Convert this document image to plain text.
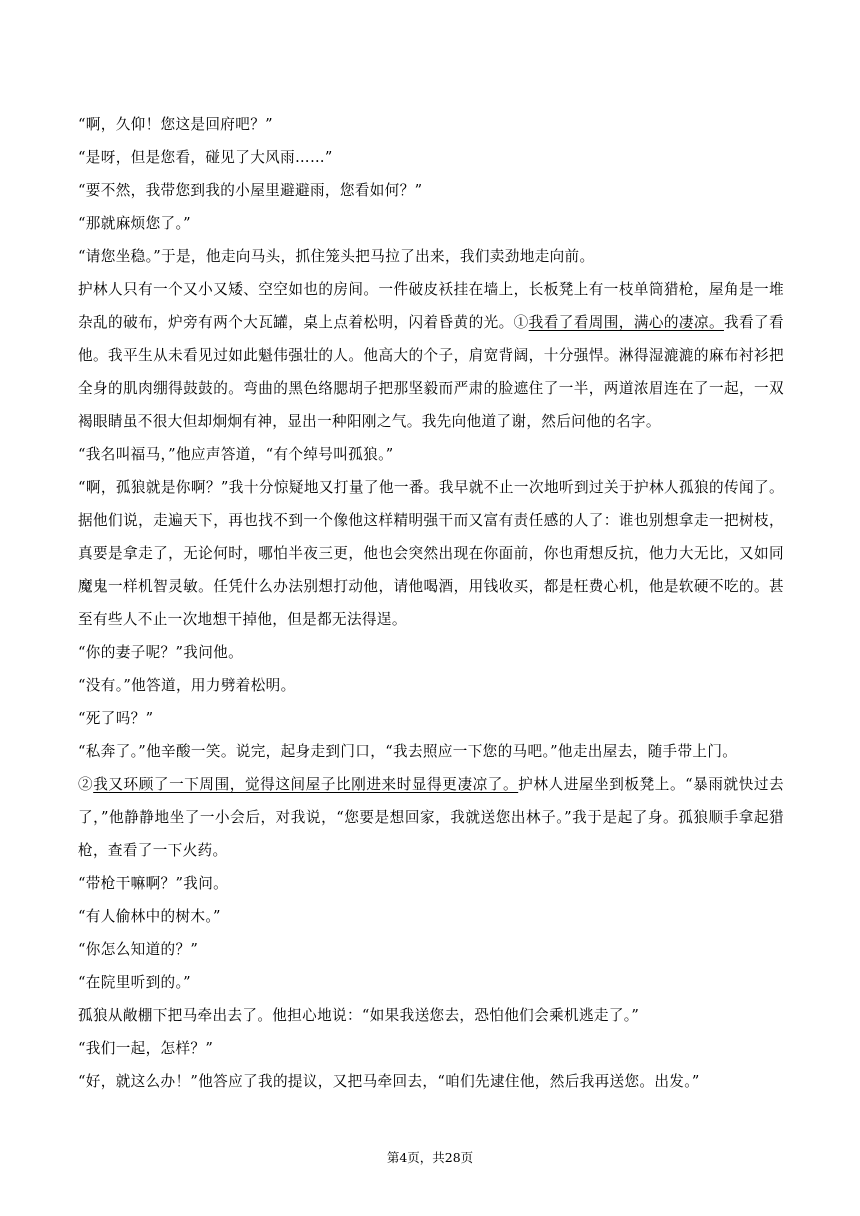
“啊，久仰！您这是回府吧？”

“是呀，但是您看，碰见了大风雨……”

“要不然，我带您到我的小屋里避避雨，您看如何？”

“那就麻烦您了。”

“请您坐稳。”于是，他走向马头，抓住笼头把马拉了出来，我们卖劲地走向前。

护林人只有一个又小又矮、空空如也的房间。一件破皮袄挂在墙上，长板凳上有一枝单筒猎枪，屋角是一堆杂乱的破布，炉旁有两个大瓦罐，桌上点着松明，闪着昏黄的光。①我看了看周围，满心的凄凉。我看了看他。我平生从未看见过如此魁伟强壮的人。他高大的个子，肩宽背阔，十分强悍。淋得湿漉漉的麻布衬衫把全身的肌肉绷得鼓鼓的。弯曲的黑色络腮胡子把那坚毅而严肃的脸遮住了一半，两道浓眉连在了一起，一双褐眼睛虽不很大但却炯炯有神，显出一种阳刚之气。我先向他道了谢，然后问他的名字。

“我名叫福马，”他应声答道，“有个绰号叫孤狼。”

“啊，孤狼就是你啊？”我十分惊疑地又打量了他一番。我早就不止一次地听到过关于护林人孤狼的传闻了。据他们说，走遍天下，再也找不到一个像他这样精明强干而又富有责任感的人了：谁也别想拿走一把树枝，真要是拿走了，无论何时，哪怕半夜三更，他也会突然出现在你面前，你也甭想反抗，他力大无比，又如同魔鬼一样机智灵敏。任凭什么办法别想打动他，请他喝酒，用钱收买，都是枉费心机，他是软硬不吃的。甚至有些人不止一次地想干掉他，但是都无法得逞。

“你的妻子呢？”我问他。

“没有。”他答道，用力劈着松明。

“死了吗？”

“私奔了。”他辛酸一笑。说完，起身走到门口，“我去照应一下您的马吧。”他走出屋去，随手带上门。

②我又环顾了一下周围，觉得这间屋子比刚进来时显得更凄凉了。护林人进屋坐到板凳上。“暴雨就快过去了，”他静静地坐了一小会后，对我说，“您要是想回家，我就送您出林子。”我于是起了身。孤狼顺手拿起猎枪，查看了一下火药。

“带枪干嘛啊？”我问。

“有人偷林中的树木。”

“你怎么知道的？”

“在院里听到的。”

孤狼从敞棚下把马牵出去了。他担心地说：“如果我送您去，恐怕他们会乘机逃走了。”

“我们一起，怎样？”

“好，就这么办！”他答应了我的提议，又把马牵回去，“咱们先逮住他，然后我再送您。出发。”

第4页，共28页
